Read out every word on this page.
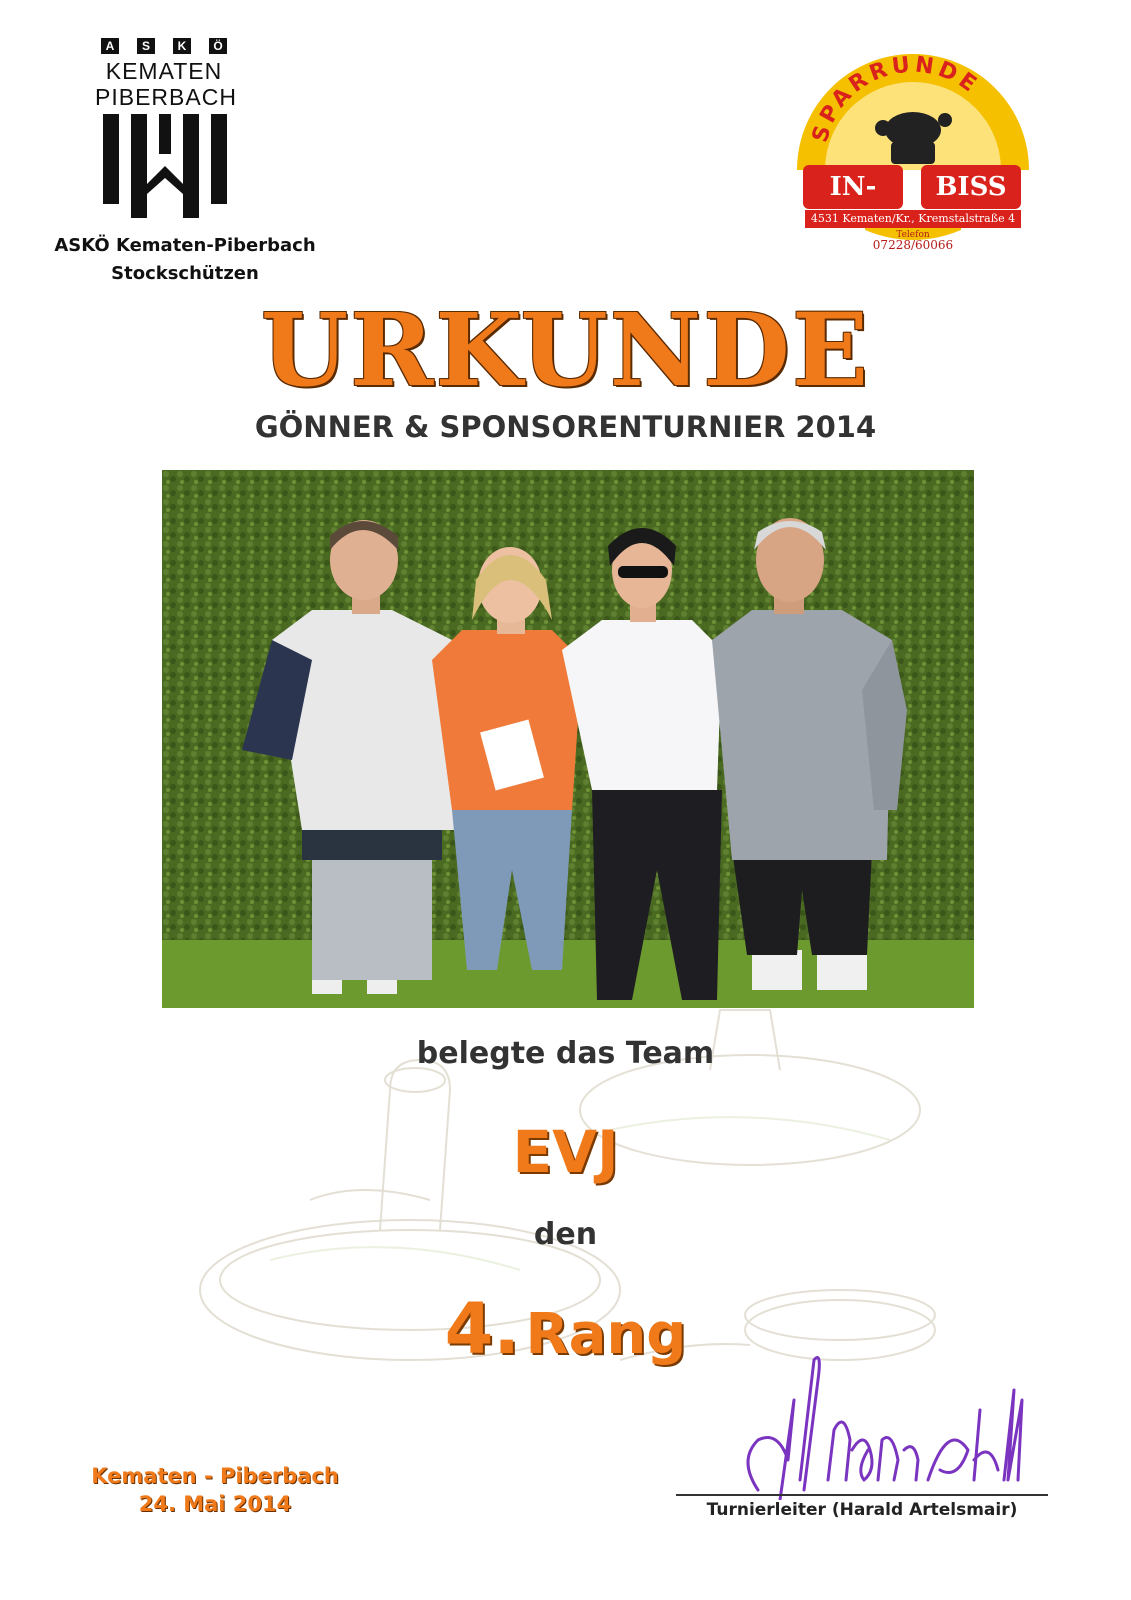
A	S	K	Ö
KEMATEN
PIBERBACH
ASKÖ Kematen-Piberbach
Stockschützen
SPARRUNDE
IN-	BISS
4531 Kematen/Kr., Kremstalstraße 4
Telefon
07228/60066
URKUNDE
GÖNNER & SPONSORENTURNIER 2014
belegte das Team
EVJ
den
4. Rang
Kematen - Piberbach
24. Mai 2014	Turnierleiter (Harald Artelsmair)
